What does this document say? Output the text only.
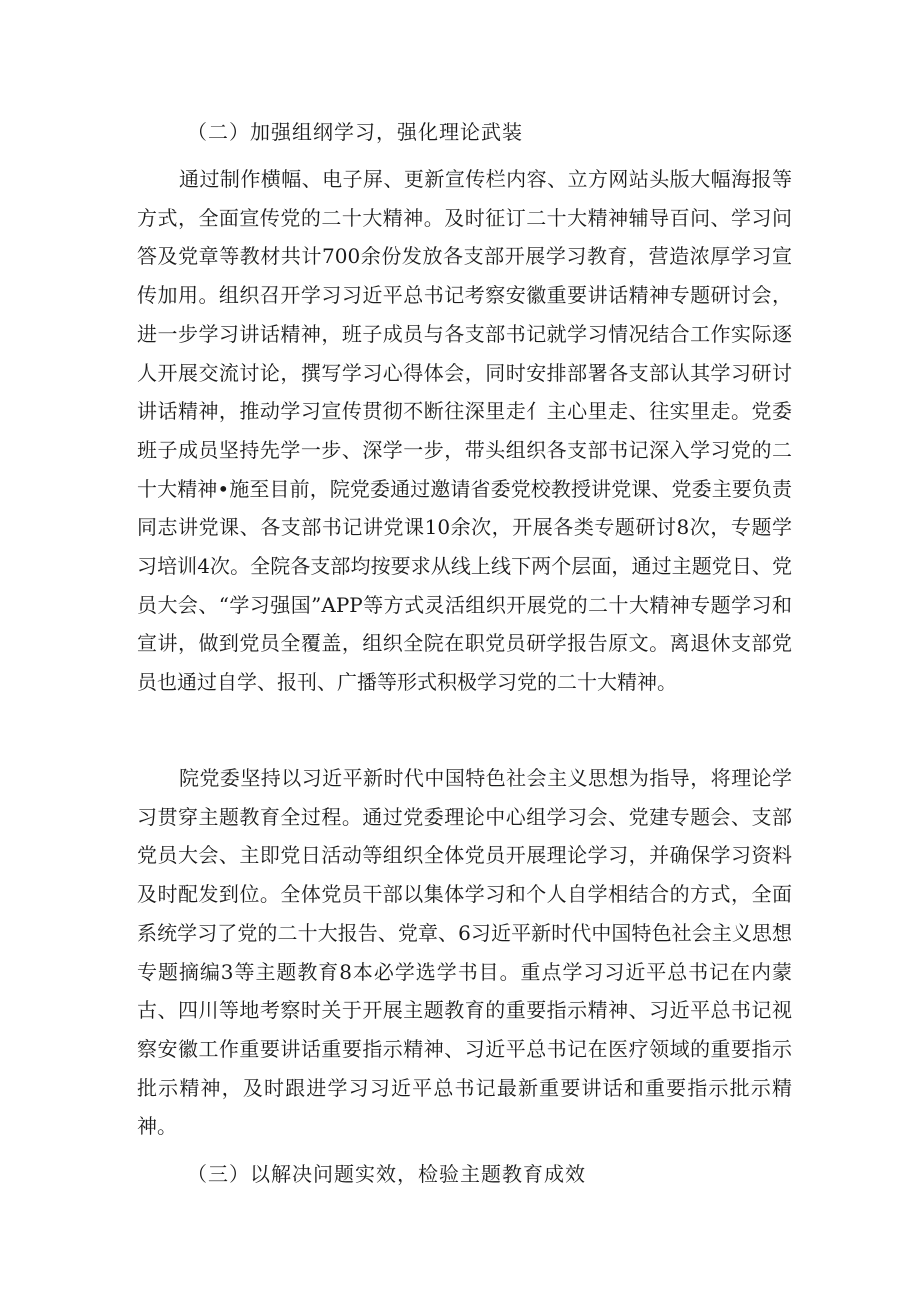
（二）加强组纲学习，强化理论武装

通过制作横幅、电子屏、更新宣传栏内容、立方网站头版大幅海报等方式，全面宣传党的二十大精神。及时征订二十大精神辅导百问、学习问答及党章等教材共计700余份发放各支部开展学习教育，营造浓厚学习宣传加用。组织召开学习习近平总书记考察安徽重要讲话精神专题研讨会，进一步学习讲话精神，班子成员与各支部书记就学习情况结合工作实际逐人开展交流讨论，撰写学习心得体会，同时安排部署各支部认其学习研讨讲话精神，推动学习宣传贯彻不断往深里走亻主心里走、往实里走。党委班子成员坚持先学一步、深学一步，带头组织各支部书记深入学习党的二十大精神•施至目前，院党委通过邀请省委党校教授讲党课、党委主要负责同志讲党课、各支部书记讲党课10余次，开展各类专题研讨8次，专题学习培训4次。全院各支部均按要求从线上线下两个层面，通过主题党日、党员大会、“学习强国”APP等方式灵活组织开展党的二十大精神专题学习和宣讲，做到党员全覆盖，组织全院在职党员研学报告原文。离退休支部党员也通过自学、报刊、广播等形式积极学习党的二十大精神。

院党委坚持以习近平新时代中国特色社会主义思想为指导，将理论学习贯穿主题教育全过程。通过党委理论中心组学习会、党建专题会、支部党员大会、主即党日活动等组织全体党员开展理论学习，并确保学习资料及时配发到位。全体党员干部以集体学习和个人自学相结合的方式，全面系统学习了党的二十大报告、党章、6习近平新时代中国特色社会主义思想专题摘编3等主题教育8本必学选学书目。重点学习习近平总书记在内蒙古、四川等地考察时关于开展主题教育的重要指示精神、习近平总书记视察安徽工作重要讲话重要指示精神、习近平总书记在医疗领域的重要指示批示精神，及时跟进学习习近平总书记最新重要讲话和重要指示批示精神。

（三）以解决问题实效，检验主题教育成效
